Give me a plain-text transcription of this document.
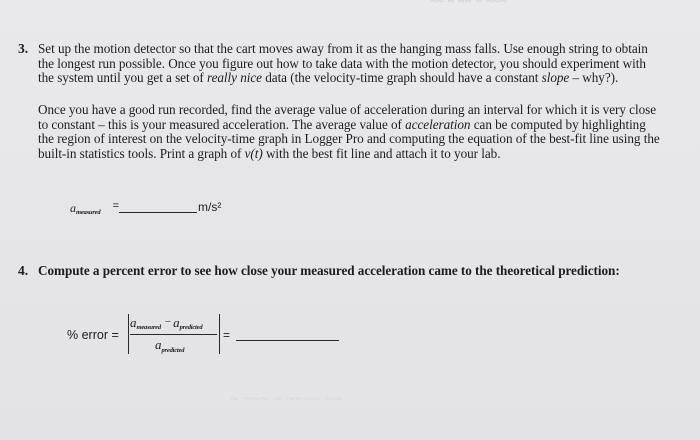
~~ ~ ~~ ~ ~~~
3. Set up the motion detector so that the cart moves away from it as the hanging mass falls. Use enough string to obtain

the longest run possible. Once you figure out how to take data with the motion detector, you should experiment with

the system until you get a set of really nice data (the velocity-time graph should have a constant slope – why?).

Once you have a good run recorded, find the average value of acceleration during an interval for which it is very close

to constant – this is your measured acceleration. The average value of acceleration can be computed by highlighting

the region of interest on the velocity-time graph in Logger Pro and computing the equation of the best-fit line using the

built-in statistics tools. Print a graph of v(t) with the best fit line and attach it to your lab.

ameasured =	m/s²
4. Compute a percent error to see how close your measured acceleration came to the theoretical prediction:
% error =
ameasured − apredicted
$a_{predicted}$
=
~ ~~~ ~ ~~~~ ~~
